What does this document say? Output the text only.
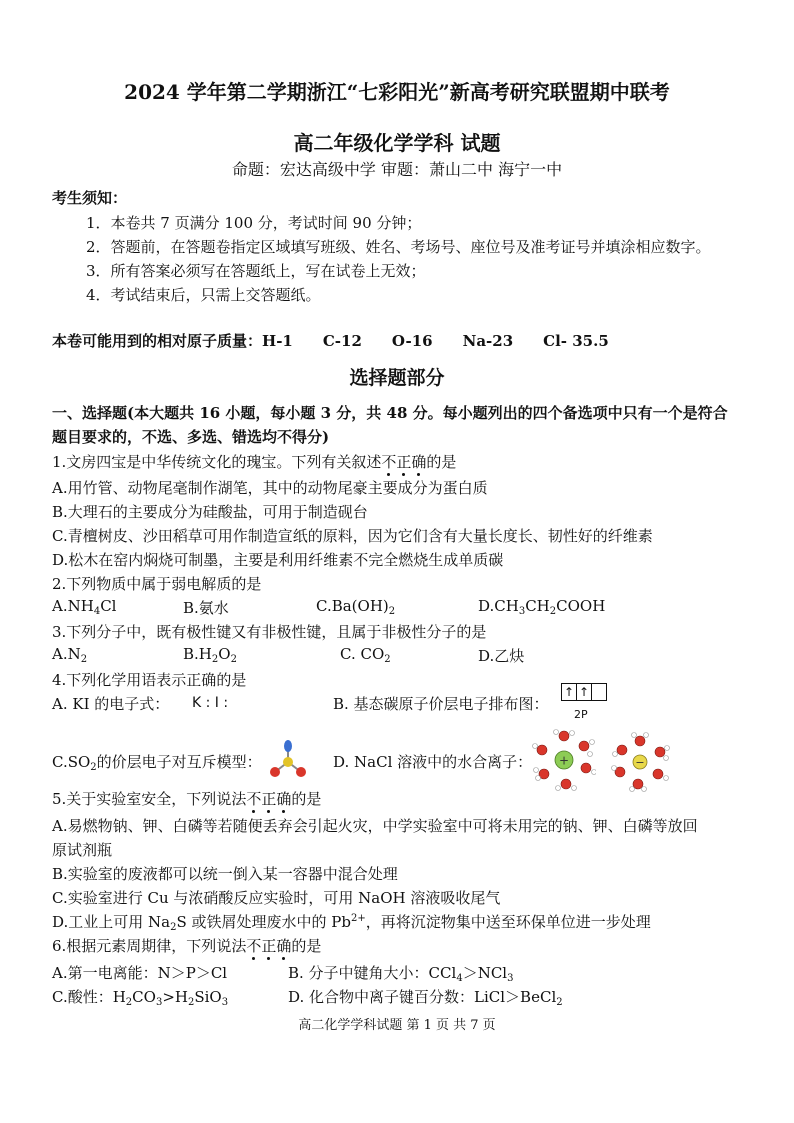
2024 学年第二学期浙江“七彩阳光”新高考研究联盟期中联考
高二年级化学学科 试题
命题：宏达高级中学 审题：萧山二中 海宁一中
考生须知：
1．本卷共 7 页满分 100 分，考试时间 90 分钟；
2．答题前，在答题卷指定区域填写班级、姓名、考场号、座位号及准考证号并填涂相应数字。
3．所有答案必须写在答题纸上，写在试卷上无效；
4．考试结束后，只需上交答题纸。
本卷可能用到的相对原子质量：H-1 C-12 O-16 Na-23 Cl- 35.5
选择题部分
一、选择题(本大题共 16 小题，每小题 3 分，共 48 分。每小题列出的四个备选项中只有一个是符合
题目要求的，不选、多选、错选均不得分)
1.文房四宝是中华传统文化的瑰宝。下列有关叙述不正确的是
A.用竹管、动物尾毫制作湖笔，其中的动物尾豪主要成分为蛋白质
B.大理石的主要成分为硅酸盐，可用于制造砚台
C.青檀树皮、沙田稻草可用作制造宣纸的原料，因为它们含有大量长度长、韧性好的纤维素
D.松木在窑内焖烧可制墨，主要是利用纤维素不完全燃烧生成单质碳
2.下列物质中属于弱电解质的是
$A.NH_4Cl$	B.氨水	$C.Ba(OH)_2$	$D.CH_3CH_2COOH$
3.下列分子中，既有极性键又有非极性键，且属于非极性分子的是
$A.N_2$	$B.H_2O_2$	C. $CO_2$	D.乙炔
4.下列化学用语表示正确的是
A. KI 的电子式： K : I :	B. 基态碳原子价层电子排布图：
↑ ↑
2P
$C.SO_2$的价层电子对互斥模型：	D. NaCl 溶液中的水合离子： +	−
5.关于实验室安全，下列说法不正确的是
A.易燃物钠、钾、白磷等若随便丢弃会引起火灾，中学实验室中可将未用完的钠、钾、白磷等放回
原试剂瓶
B.实验室的废液都可以统一倒入某一容器中混合处理
C.实验室进行 Cu 与浓硝酸反应实验时，可用 NaOH 溶液吸收尾气
D.工业上可用 $Na_2S$ 或铁屑处理废水中的 $Pb^{2+}$，再将沉淀物集中送至环保单位进一步处理
6.根据元素周期律，下列说法不正确的是
A.第一电离能：N＞P＞Cl	B. 分子中键角大小：CCl$_4$＞NCl$_3$
C.酸性：$H_2CO_3>H_2SiO_3$	D. 化合物中离子键百分数：LiCl＞BeCl$_2$
高二化学学科试题 第 1 页 共 7 页
